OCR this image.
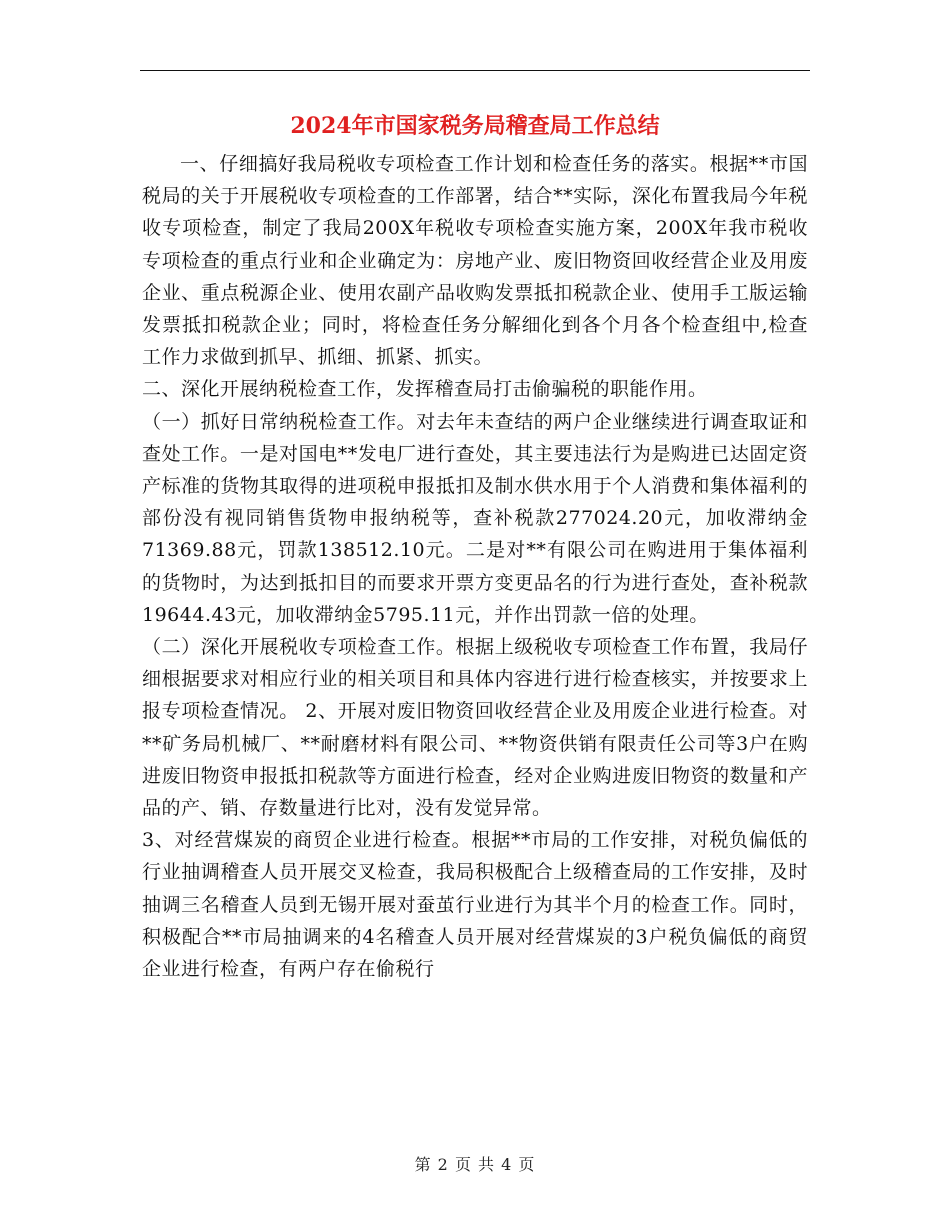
2024年市国家税务局稽查局工作总结

一、仔细搞好我局税收专项检查工作计划和检查任务的落实。根据**市国税局的关于开展税收专项检查的工作部署，结合**实际，深化布置我局今年税收专项检查，制定了我局200X年税收专项检查实施方案，200X年我市税收专项检查的重点行业和企业确定为：房地产业、废旧物资回收经营企业及用废企业、重点税源企业、使用农副产品收购发票抵扣税款企业、使用手工版运输发票抵扣税款企业；同时，将检查任务分解细化到各个月各个检查组中,检查工作力求做到抓早、抓细、抓紧、抓实。

二、深化开展纳税检查工作，发挥稽查局打击偷骗税的职能作用。

（一）抓好日常纳税检查工作。对去年未查结的两户企业继续进行调查取证和查处工作。一是对国电**发电厂进行查处，其主要违法行为是购进已达固定资产标准的货物其取得的进项税申报抵扣及制水供水用于个人消费和集体福利的部份没有视同销售货物申报纳税等，查补税款277024.20元，加收滞纳金71369.88元，罚款138512.10元。二是对**有限公司在购进用于集体福利的货物时，为达到抵扣目的而要求开票方变更品名的行为进行查处，查补税款19644.43元，加收滞纳金5795.11元，并作出罚款一倍的处理。

（二）深化开展税收专项检查工作。根据上级税收专项检查工作布置，我局仔细根据要求对相应行业的相关项目和具体内容进行进行检查核实，并按要求上报专项检查情况。 2、开展对废旧物资回收经营企业及用废企业进行检查。对**矿务局机械厂、**耐磨材料有限公司、**物资供销有限责任公司等3户在购进废旧物资申报抵扣税款等方面进行检查，经对企业购进废旧物资的数量和产品的产、销、存数量进行比对，没有发觉异常。

3、对经营煤炭的商贸企业进行检查。根据**市局的工作安排，对税负偏低的行业抽调稽查人员开展交叉检查，我局积极配合上级稽查局的工作安排，及时抽调三名稽查人员到无锡开展对蚕茧行业进行为其半个月的检查工作。同时，积极配合**市局抽调来的4名稽查人员开展对经营煤炭的3户税负偏低的商贸企业进行检查，有两户存在偷税行

第 2 页 共 4 页
